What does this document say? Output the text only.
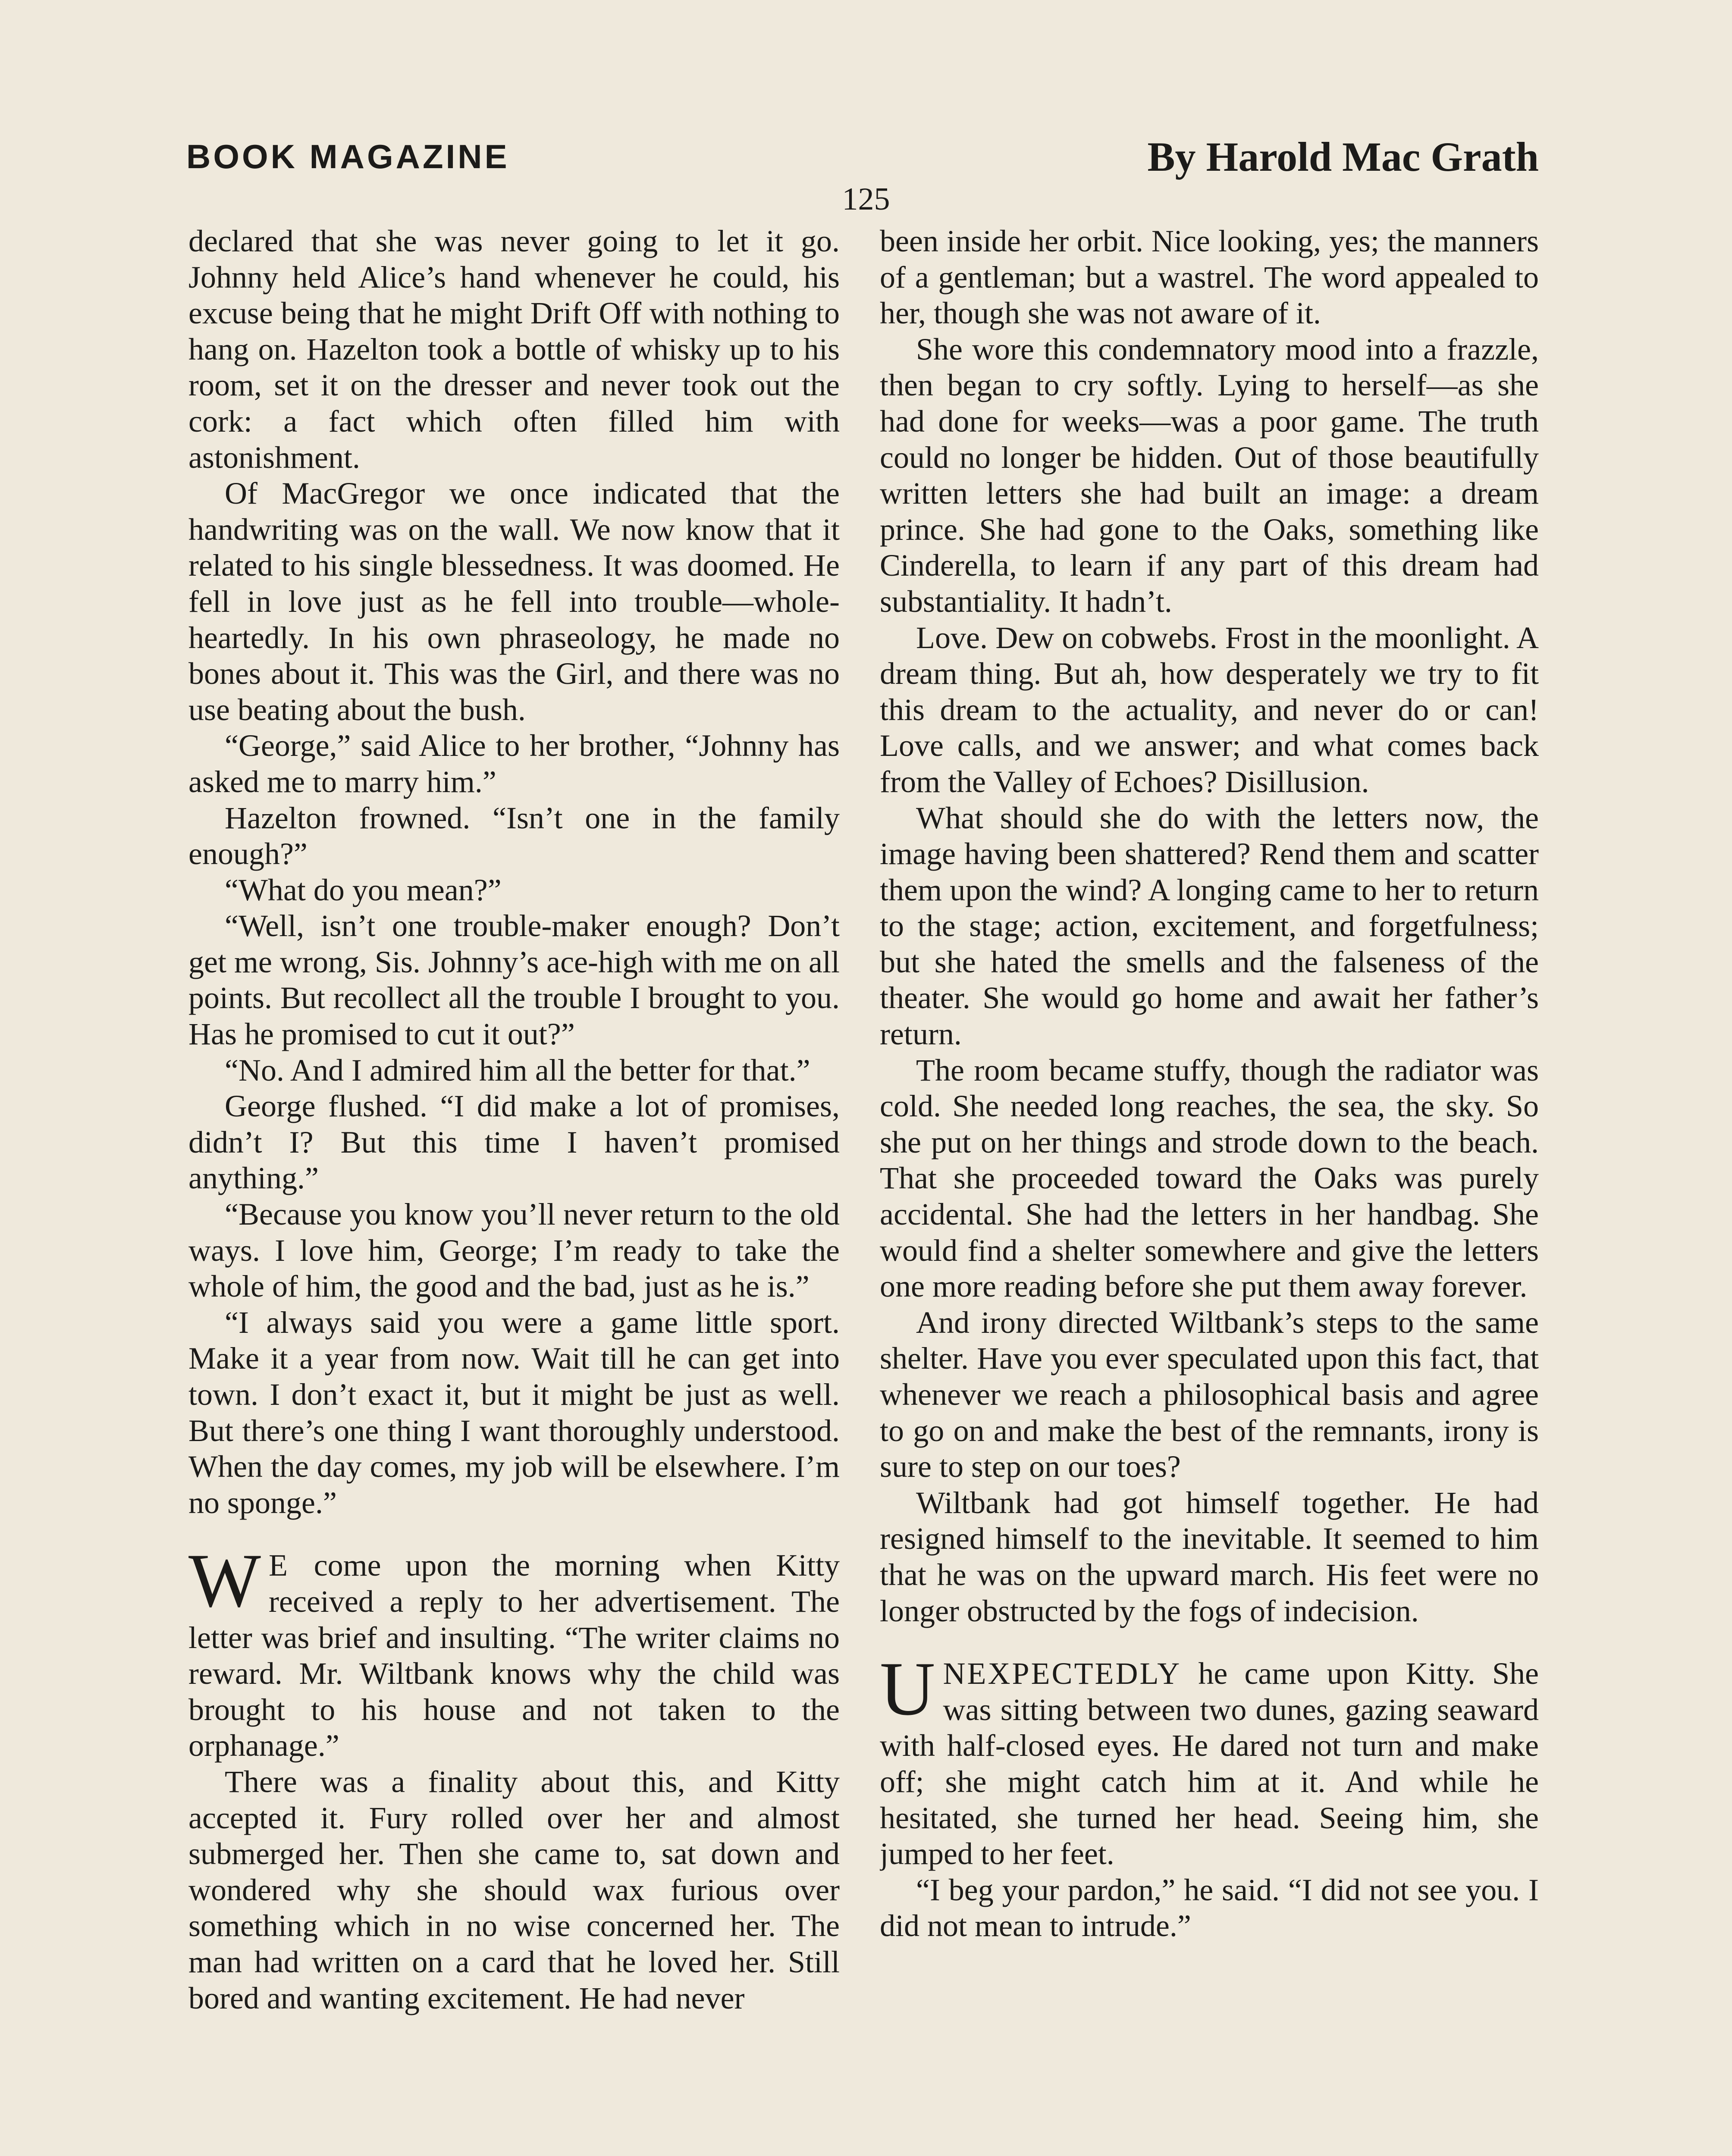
BOOK MAGAZINE	By Harold Mac Grath
125

declared that she was never going to let it go. Johnny held Alice’s hand whenever he could, his excuse being that he might Drift Off with nothing to hang on. Hazelton took a bottle of whisky up to his room, set it on the dresser and never took out the cork: a fact which often filled him with astonishment.

Of MacGregor we once indicated that the handwriting was on the wall. We now know that it related to his single blessedness. It was doomed. He fell in love just as he fell into trouble—wholeheartedly. In his own phraseology, he made no bones about it. This was the Girl, and there was no use beating about the bush.

“George,” said Alice to her brother, “Johnny has asked me to marry him.”

Hazelton frowned. “Isn’t one in the family enough?”

“What do you mean?”

“Well, isn’t one trouble-maker enough? Don’t get me wrong, Sis. Johnny’s ace-high with me on all points. But recollect all the trouble I brought to you. Has he promised to cut it out?”

“No. And I admired him all the better for that.”

George flushed. “I did make a lot of promises, didn’t I? But this time I haven’t promised anything.”

“Because you know you’ll never return to the old ways. I love him, George; I’m ready to take the whole of him, the good and the bad, just as he is.”

“I always said you were a game little sport. Make it a year from now. Wait till he can get into town. I don’t exact it, but it might be just as well. But there’s one thing I want thoroughly understood. When the day comes, my job will be elsewhere. I’m no sponge.”

W E come upon the morning when Kitty received a reply to her advertisement. The letter was brief and insulting. “The writer claims no reward. Mr. Wiltbank knows why the child was brought to his house and not taken to the orphanage.”

There was a finality about this, and Kitty accepted it. Fury rolled over her and almost submerged her. Then she came to, sat down and wondered why she should wax furious over something which in no wise concerned her. The man had written on a card that he loved her. Still bored and wanting excitement. He had never

been inside her orbit. Nice looking, yes; the manners of a gentleman; but a wastrel. The word appealed to her, though she was not aware of it.

She wore this condemnatory mood into a frazzle, then began to cry softly. Lying to herself—as she had done for weeks—was a poor game. The truth could no longer be hidden. Out of those beautifully written letters she had built an image: a dream prince. She had gone to the Oaks, something like Cinderella, to learn if any part of this dream had substantiality. It hadn’t.

Love. Dew on cobwebs. Frost in the moonlight. A dream thing. But ah, how desperately we try to fit this dream to the actuality, and never do or can! Love calls, and we answer; and what comes back from the Valley of Echoes? Disillusion.

What should she do with the letters now, the image having been shattered? Rend them and scatter them upon the wind? A longing came to her to return to the stage; action, excitement, and forgetfulness; but she hated the smells and the falseness of the theater. She would go home and await her father’s return.

The room became stuffy, though the radiator was cold. She needed long reaches, the sea, the sky. So she put on her things and strode down to the beach. That she proceeded toward the Oaks was purely accidental. She had the letters in her handbag. She would find a shelter somewhere and give the letters one more reading before she put them away forever.

And irony directed Wiltbank’s steps to the same shelter. Have you ever speculated upon this fact, that whenever we reach a philosophical basis and agree to go on and make the best of the remnants, irony is sure to step on our toes?

Wiltbank had got himself together. He had resigned himself to the inevitable. It seemed to him that he was on the upward march. His feet were no longer obstructed by the fogs of indecision.

UNEXPECTEDLY he came upon Kitty. She was sitting between two dunes, gazing seaward with half-closed eyes. He dared not turn and make off; she might catch him at it. And while he hesitated, she turned her head. Seeing him, she jumped to her feet.

“I beg your pardon,” he said. “I did not see you. I did not mean to intrude.”
